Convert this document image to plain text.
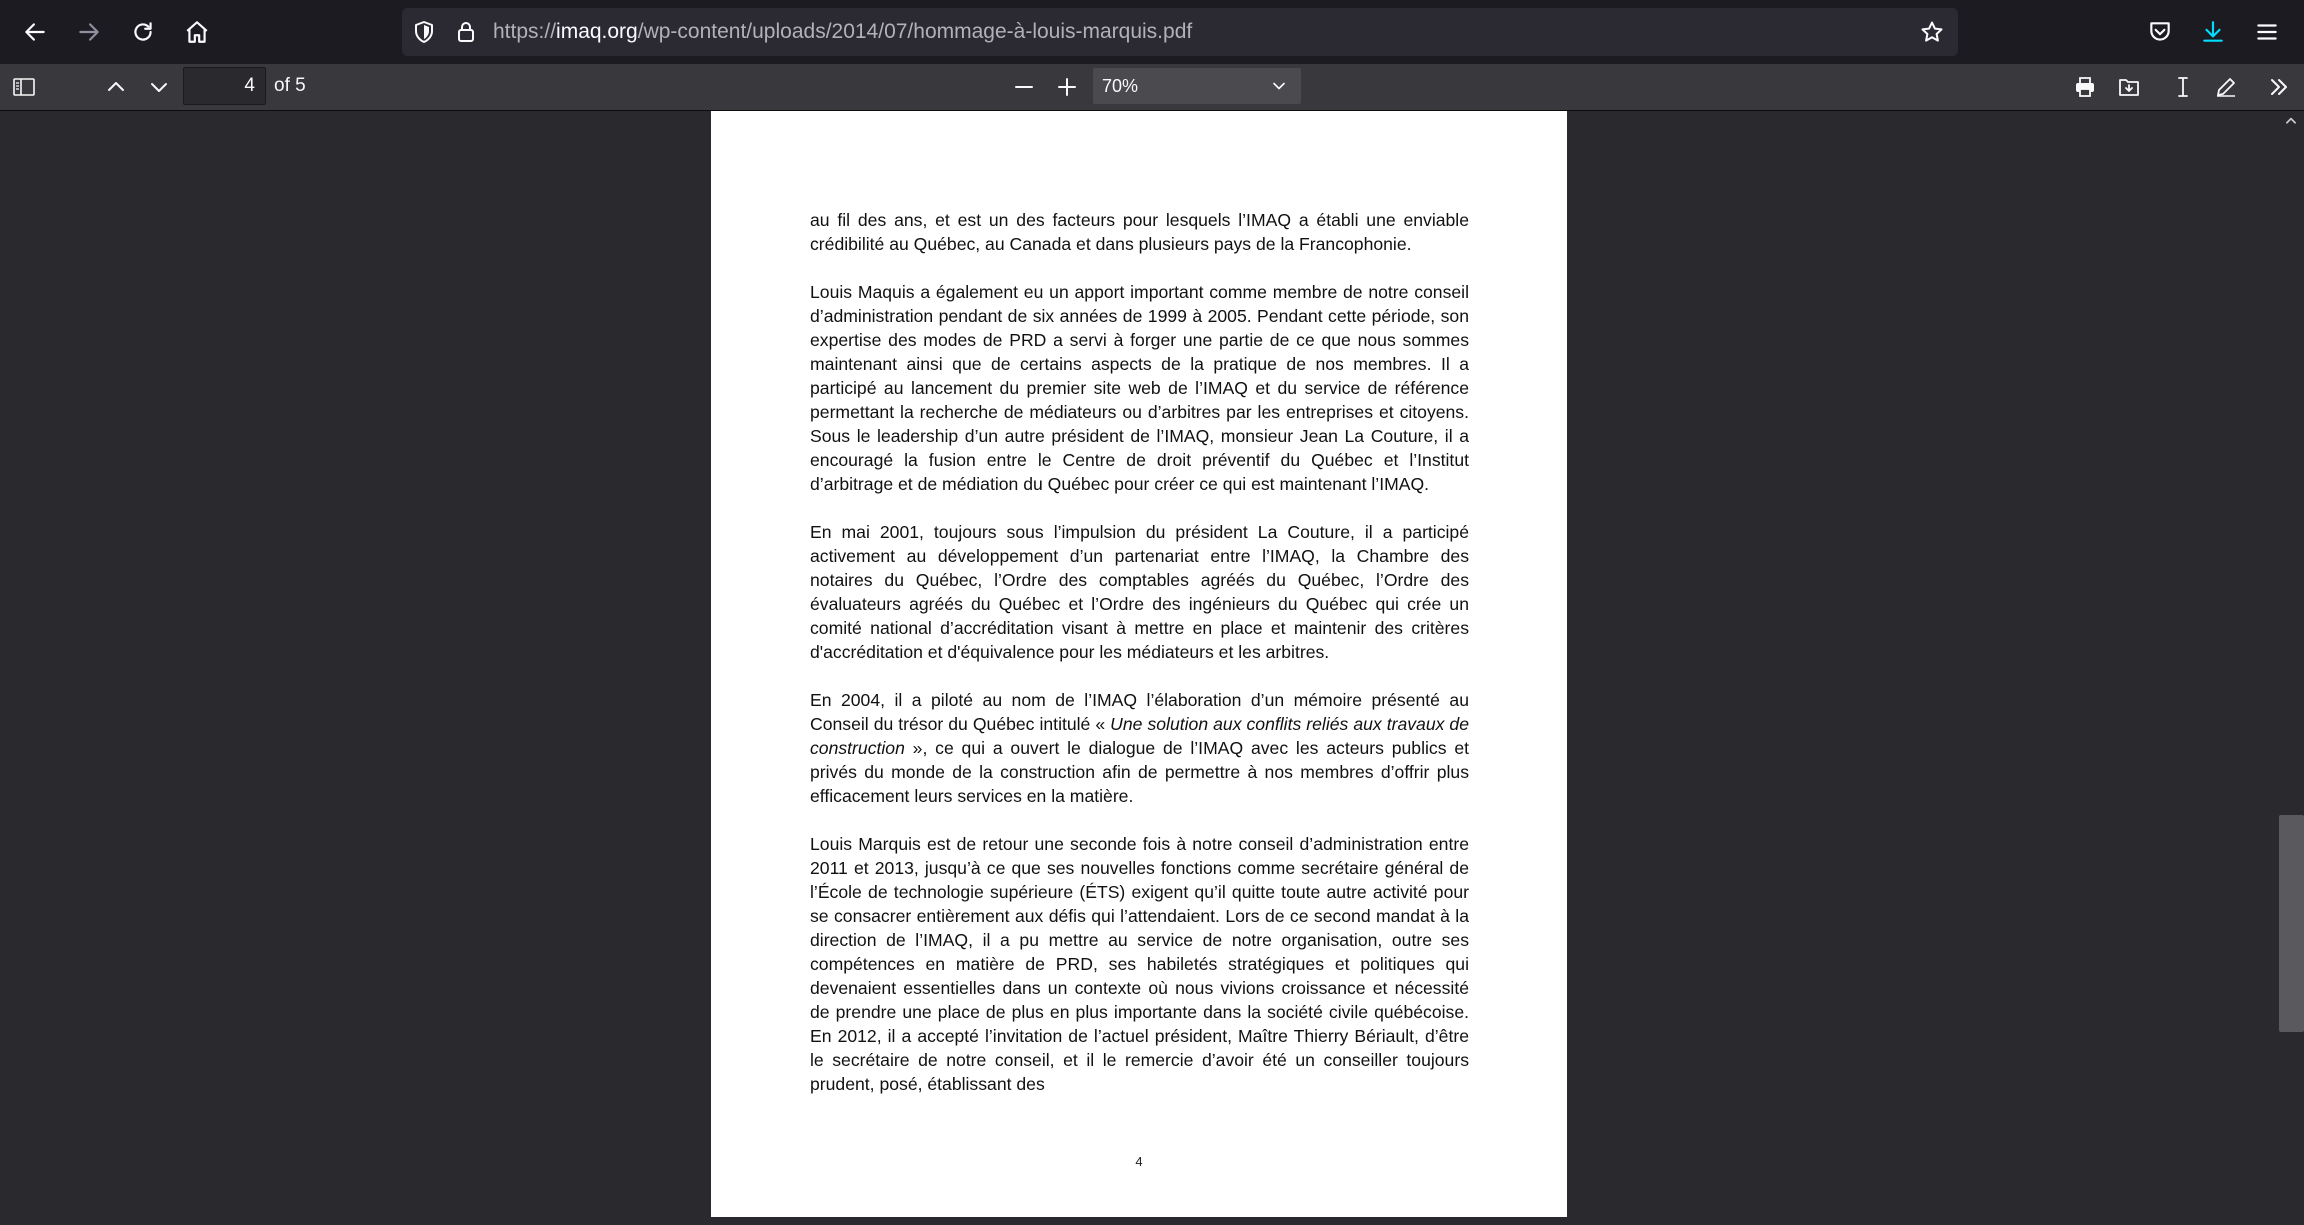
https://imaq.org/wp-content/uploads/2014/07/hommage-à-louis-marquis.pdf
4
of 5	70%

au fil des ans, et est un des facteurs pour lesquels l’IMAQ a établi une enviable crédibilité au Québec, au Canada et dans plusieurs pays de la Francophonie.

Louis Maquis a également eu un apport important comme membre de notre conseil d’administration pendant de six années de 1999 à 2005. Pendant cette période, son expertise des modes de PRD a servi à forger une partie de ce que nous sommes maintenant ainsi que de certains aspects de la pratique de nos membres. Il a participé au lancement du premier site web de l’IMAQ et du service de référence permettant la recherche de médiateurs ou d’arbitres par les entreprises et citoyens. Sous le leadership d’un autre président de l’IMAQ, monsieur Jean La Couture, il a encouragé la fusion entre le Centre de droit préventif du Québec et l’Institut d’arbitrage et de médiation du Québec pour créer ce qui est maintenant l’IMAQ.

En mai 2001, toujours sous l’impulsion du président La Couture, il a participé activement au développement d’un partenariat entre l’IMAQ, la Chambre des notaires du Québec, l’Ordre des comptables agréés du Québec, l’Ordre des évaluateurs agréés du Québec et l’Ordre des ingénieurs du Québec qui crée un comité national d’accréditation visant à mettre en place et maintenir des critères d'accréditation et d'équivalence pour les médiateurs et les arbitres.

En 2004, il a piloté au nom de l’IMAQ l’élaboration d’un mémoire présenté au Conseil du trésor du Québec intitulé « Une solution aux conflits reliés aux travaux de construction », ce qui a ouvert le dialogue de l’IMAQ avec les acteurs publics et privés du monde de la construction afin de permettre à nos membres d’offrir plus efficacement leurs services en la matière.

Louis Marquis est de retour une seconde fois à notre conseil d’administration entre 2011 et 2013, jusqu’à ce que ses nouvelles fonctions comme secrétaire général de l’École de technologie supérieure (ÉTS) exigent qu’il quitte toute autre activité pour se consacrer entièrement aux défis qui l’attendaient. Lors de ce second mandat à la direction de l’IMAQ, il a pu mettre au service de notre organisation, outre ses compétences en matière de PRD, ses habiletés stratégiques et politiques qui devenaient essentielles dans un contexte où nous vivions croissance et nécessité de prendre une place de plus en plus importante dans la société civile québécoise. En 2012, il a accepté l’invitation de l’actuel président, Maître Thierry Bériault, d’être le secrétaire de notre conseil, et il le remercie d’avoir été un conseiller toujours prudent, posé, établissant des

4
